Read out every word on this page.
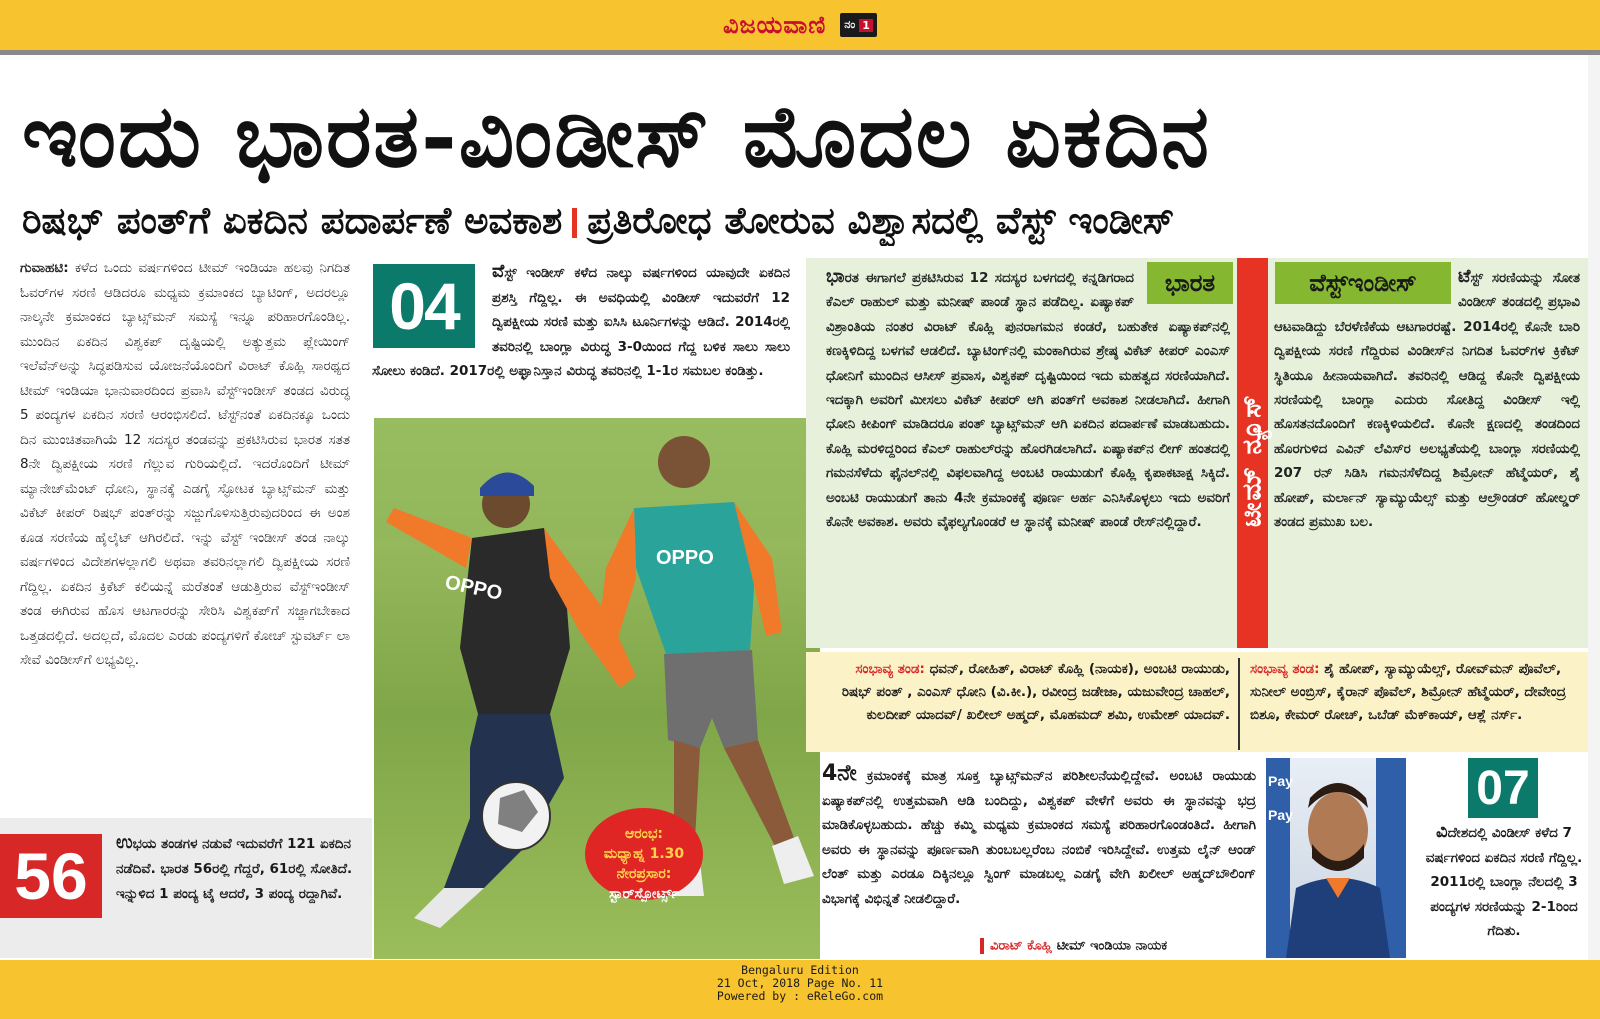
ವಿಜಯವಾಣಿ ನಂ 1
ಇಂದು ಭಾರತ-ವಿಂಡೀಸ್ ಮೊದಲ ಏಕದಿನ
ರಿಷಭ್ ಪಂತ್‌ಗೆ ಏಕದಿನ ಪದಾರ್ಪಣೆ ಅವಕಾಶ ಪ್ರತಿರೋಧ ತೋರುವ ವಿಶ್ವಾಸದಲ್ಲಿ ವೆಸ್ಟ್ ಇಂಡೀಸ್
ಗುವಾಹಟಿ: ಕಳೆದ ಒಂದು ವರ್ಷಗಳಿಂದ ಟೀಮ್ ಇಂಡಿಯಾ ಹಲವು ನಿಗದಿತ ಓವರ್‌ಗಳ ಸರಣಿ ಆಡಿದರೂ ಮಧ್ಯಮ ಕ್ರಮಾಂಕದ ಬ್ಯಾಟಿಂಗ್, ಅದರಲ್ಲೂ ನಾಲ್ಕನೇ ಕ್ರಮಾಂಕದ ಬ್ಯಾಟ್ಸ್‌ಮನ್ ಸಮಸ್ಯೆ ಇನ್ನೂ ಪರಿಹಾರಗೊಂಡಿಲ್ಲ. ಮುಂದಿನ ಏಕದಿನ ವಿಶ್ವಕಪ್ ದೃಷ್ಟಿಯಲ್ಲಿ ಅತ್ಯುತ್ತಮ ಪ್ಲೇಯಿಂಗ್ ಇಲೆವೆನ್‌ಅನ್ನು ಸಿದ್ಧಪಡಿಸುವ ಯೋಜನೆಯೊಂದಿಗೆ ವಿರಾಟ್ ಕೊಹ್ಲಿ ಸಾರಥ್ಯದ ಟೀಮ್ ಇಂಡಿಯಾ ಭಾನುವಾರದಿಂದ ಪ್ರವಾಸಿ ವೆಸ್ಟ್‌ಇಂಡೀಸ್ ತಂಡದ ವಿರುದ್ಧ 5 ಪಂದ್ಯಗಳ ಏಕದಿನ ಸರಣಿ ಆರಂಭಿಸಲಿದೆ. ಟೆಸ್ಟ್‌ನಂತೆ ಏಕದಿನಕ್ಕೂ ಒಂದು ದಿನ ಮುಂಚಿತವಾಗಿಯೆ 12 ಸದಸ್ಯರ ತಂಡವನ್ನು ಪ್ರಕಟಿಸಿರುವ ಭಾರತ ಸತತ 8ನೇ ದ್ವಿಪಕ್ಷೀಯ ಸರಣಿ ಗೆಲ್ಲುವ ಗುರಿಯಲ್ಲಿದೆ. ಇದರೊಂದಿಗೆ ಟೀಮ್ ಮ್ಯಾನೇಜ್‌ಮೆಂಟ್ ಧೋನಿ, ಸ್ಥಾನಕ್ಕೆ ಎಡಗೈ ಸ್ಫೋಟಕ ಬ್ಯಾಟ್ಸ್‌ಮನ್ ಮತ್ತು ವಿಕೆಟ್ ಕೀಪರ್ ರಿಷಭ್ ಪಂತ್‌ರನ್ನು ಸಜ್ಜುಗೊಳಿಸುತ್ತಿರುವುದರಿಂದ ಈ ಅಂಶ ಕೂಡ ಸರಣಿಯ ಹೈಲೈಟ್ ಆಗಿರಲಿದೆ. ಇನ್ನು ವೆಸ್ಟ್ ಇಂಡೀಸ್ ತಂಡ ನಾಲ್ಕು ವರ್ಷಗಳಿಂದ ವಿದೇಶಗಳಲ್ಲಾಗಲಿ ಅಥವಾ ತವರಿನಲ್ಲಾಗಲಿ ದ್ವಿಪಕ್ಷೀಯ ಸರಣಿ ಗೆದ್ದಿಲ್ಲ. ಏಕದಿನ ಕ್ರಿಕೆಟ್ ಕಲಿಯನ್ನೆ ಮರೆತಂತೆ ಆಡುತ್ತಿರುವ ವೆಸ್ಟ್‌ಇಂಡೀಸ್ ತಂಡ ಈಗಿರುವ ಹೊಸ ಆಟಗಾರರನ್ನು ಸೇರಿಸಿ ವಿಶ್ವಕಪ್‌ಗೆ ಸಜ್ಜಾಗಬೇಕಾದ ಒತ್ತಡದಲ್ಲಿದೆ. ಅದಲ್ಲದೆ, ಮೊದಲ ಎರಡು ಪಂದ್ಯಗಳಿಗೆ ಕೋಚ್ ಸ್ಟುವರ್ಟ್ ಲಾ ಸೇವೆ ವಿಂಡೀಸ್‌ಗೆ ಲಭ್ಯವಿಲ್ಲ.
ವೆಸ್ಟ್ ಇಂಡೀಸ್ ಕಳೆದ ನಾಲ್ಕು ವರ್ಷಗಳಿಂದ ಯಾವುದೇ ಏಕದಿನ ಪ್ರಶಸ್ತಿ ಗೆದ್ದಿಲ್ಲ. ಈ ಅವಧಿಯಲ್ಲಿ ವಿಂಡೀಸ್ ಇದುವರೆಗೆ 12 ದ್ವಿಪಕ್ಷೀಯ ಸರಣಿ ಮತ್ತು ಐಸಿಸಿ ಟೂರ್ನಿಗಳನ್ನು ಆಡಿದೆ. 2014ರಲ್ಲಿ ತವರಿನಲ್ಲಿ ಬಾಂಗ್ಲಾ ವಿರುದ್ಧ 3-0ಯಿಂದ ಗೆದ್ದ ಬಳಿಕ ಸಾಲು ಸಾಲು ಸೋಲು ಕಂಡಿದೆ. 2017ರಲ್ಲಿ ಅಫ್ಘಾನಿಸ್ತಾನ ವಿರುದ್ಧ ತವರಿನಲ್ಲಿ 1-1ರ ಸಮಬಲ ಕಂಡಿತ್ತು.
04
OPPO
OPPO
ಆರಂಭ:
ಮಧ್ಯಾಹ್ನ 1.30
ನೇರಪ್ರಸಾರ:
ಸ್ಟಾರ್‌ಸ್ಪೋರ್ಟ್ಸ್
ಉಭಯ ತಂಡಗಳ ನಡುವೆ ಇದುವರೆಗೆ 121 ಏಕದಿನ ನಡೆದಿವೆ. ಭಾರತ 56ರಲ್ಲಿ ಗೆದ್ದರೆ, 61ರಲ್ಲಿ ಸೋತಿದೆ. ಇನ್ನುಳಿದ 1 ಪಂದ್ಯ ಟೈ ಆದರೆ, 3 ಪಂದ್ಯ ರದ್ದಾಗಿವೆ.
56
ಟೀಮ್ ನ್ಯೂಸ್
ಭಾರತ	ವೆಸ್ಟ್‌ಇಂಡೀಸ್
ಭಾರತ ಈಗಾಗಲೆ ಪ್ರಕಟಿಸಿರುವ 12 ಸದಸ್ಯರ ಬಳಗದಲ್ಲಿ ಕನ್ನಡಿಗರಾದ ಕೆಎಲ್ ರಾಹುಲ್ ಮತ್ತು ಮನೀಷ್ ಪಾಂಡೆ ಸ್ಥಾನ ಪಡೆದಿಲ್ಲ. ಏಷ್ಯಾಕಪ್ ವಿಶ್ರಾಂತಿಯ ನಂತರ ವಿರಾಟ್ ಕೊಹ್ಲಿ ಪುನರಾಗಮನ ಕಂಡರೆ, ಬಹುತೇಕ ಏಷ್ಯಾಕಪ್‌ನಲ್ಲಿ ಕಣಕ್ಕಿಳಿದಿದ್ದ ಬಳಗವೆ ಆಡಲಿದೆ. ಬ್ಯಾಟಿಂಗ್‌ನಲ್ಲಿ ಮಂಕಾಗಿರುವ ಶ್ರೇಷ್ಠ ವಿಕೆಟ್ ಕೀಪರ್ ಎಂಎಸ್ ಧೋನಿಗೆ ಮುಂದಿನ ಆಸೀಸ್ ಪ್ರವಾಸ, ವಿಶ್ವಕಪ್ ದೃಷ್ಟಿಯಿಂದ ಇದು ಮಹತ್ವದ ಸರಣಿಯಾಗಿದೆ. ಇದಕ್ಕಾಗಿ ಅವರಿಗೆ ಮೀಸಲು ವಿಕೆಟ್ ಕೀಪರ್ ಆಗಿ ಪಂತ್‌ಗೆ ಅವಕಾಶ ನೀಡಲಾಗಿದೆ. ಹೀಗಾಗಿ ಧೋನಿ ಕೀಪಿಂಗ್ ಮಾಡಿದರೂ ಪಂತ್ ಬ್ಯಾಟ್ಸ್‌ಮನ್ ಆಗಿ ಏಕದಿನ ಪದಾರ್ಪಣೆ ಮಾಡಬಹುದು. ಕೊಹ್ಲಿ ಮರಳಿದ್ದರಿಂದ ಕೆಎಲ್ ರಾಹುಲ್‌ರನ್ನು ಹೊರಗಿಡಲಾಗಿದೆ. ಏಷ್ಯಾಕಪ್‌ನ ಲೀಗ್ ಹಂತದಲ್ಲಿ ಗಮನಸೆಳೆದು ಫೈನಲ್‌ನಲ್ಲಿ ವಿಫಲವಾಗಿದ್ದ ಅಂಬಟಿ ರಾಯುಡುಗೆ ಕೊಹ್ಲಿ ಕೃಪಾಕಟಾಕ್ಷ ಸಿಕ್ಕಿದೆ. ಅಂಬಟಿ ರಾಯುಡುಗೆ ತಾನು 4ನೇ ಕ್ರಮಾಂಕಕ್ಕೆ ಪೂರ್ಣ ಅರ್ಹ ಎನಿಸಿಕೊಳ್ಳಲು ಇದು ಅವರಿಗೆ ಕೊನೇ ಅವಕಾಶ. ಅವರು ವೈಫಲ್ಯಗೊಂಡರೆ ಆ ಸ್ಥಾನಕ್ಕೆ ಮನೀಷ್ ಪಾಂಡೆ ರೇಸ್‌ನಲ್ಲಿದ್ದಾರೆ.
ಟೆಸ್ಟ್ ಸರಣಿಯನ್ನು ಸೋತ ವಿಂಡೀಸ್ ತಂಡದಲ್ಲಿ ಪ್ರಭಾವಿ ಆಟವಾಡಿದ್ದು ಬೆರಳೆಣಿಕೆಯ ಆಟಗಾರರಷ್ಟೆ. 2014ರಲ್ಲಿ ಕೊನೇ ಬಾರಿ ದ್ವಿಪಕ್ಷೀಯ ಸರಣಿ ಗೆದ್ದಿರುವ ವಿಂಡೀಸ್‌ನ ನಿಗದಿತ ಓವರ್‌ಗಳ ಕ್ರಿಕೆಟ್ ಸ್ಥಿತಿಯೂ ಹೀನಾಯವಾಗಿದೆ. ತವರಿನಲ್ಲಿ ಆಡಿದ್ದ ಕೊನೇ ದ್ವಿಪಕ್ಷೀಯ ಸರಣಿಯಲ್ಲಿ ಬಾಂಗ್ಲಾ ಎದುರು ಸೋತಿದ್ದ ವಿಂಡೀಸ್ ಇಲ್ಲಿ ಹೊಸತನದೊಂದಿಗೆ ಕಣಕ್ಕಿಳಿಯಲಿದೆ. ಕೊನೇ ಕ್ಷಣದಲ್ಲಿ ತಂಡದಿಂದ ಹೊರಗುಳಿದ ಎವಿನ್ ಲೆವಿಸ್‌ರ ಅಲಭ್ಯತೆಯಲ್ಲಿ ಬಾಂಗ್ಲಾ ಸರಣಿಯಲ್ಲಿ 207 ರನ್ ಸಿಡಿಸಿ ಗಮನಸೆಳೆದಿದ್ದ ಶಿಮ್ರೋನ್ ಹೆಟ್ಮೆಯರ್, ಶೈ ಹೋಪ್, ಮರ್ಲಾನ್ ಸ್ಯಾಮ್ಯುಯೆಲ್ಸ್ ಮತ್ತು ಆಲ್ರೌಂಡರ್ ಹೋಲ್ಡರ್ ತಂಡದ ಪ್ರಮುಖ ಬಲ.
ಸಂಭಾವ್ಯ ತಂಡ: ಧವನ್, ರೋಹಿತ್, ವಿರಾಟ್ ಕೊಹ್ಲಿ (ನಾಯಕ), ಅಂಬಟಿ ರಾಯುಡು, ರಿಷಭ್ ಪಂತ್ , ಎಂಎಸ್ ಧೋನಿ (ವಿ.ಕೀ.), ರವೀಂದ್ರ ಜಡೇಜಾ, ಯಜುವೇಂದ್ರ ಚಾಹಲ್, ಕುಲದೀಪ್ ಯಾದವ್/ ಖಲೀಲ್ ಅಹ್ಮದ್, ಮೊಹಮದ್ ಶಮಿ, ಉಮೇಶ್ ಯಾದವ್.
ಸಂಭಾವ್ಯ ತಂಡ: ಶೈ ಹೋಪ್, ಸ್ಯಾಮ್ಯುಯೆಲ್ಸ್, ರೋವ್‌ಮನ್ ಪೊವೆಲ್, ಸುನೀಲ್ ಅಂಬ್ರಿಸ್, ಕೈರಾನ್ ಪೊವೆಲ್, ಶಿಮ್ರೋನ್ ಹೆಟ್ಮೆಯರ್, ದೇವೇಂದ್ರ ಬಿಶೂ, ಕೇಮರ್ ರೋಚ್, ಒಬೆಡ್ ಮೆಕ್‌ಕಾಯ್, ಆಶ್ಲೆ ನರ್ಸ್.
4ನೇ ಕ್ರಮಾಂಕಕ್ಕೆ ಮಾತ್ರ ಸೂಕ್ತ ಬ್ಯಾಟ್ಸ್‌ಮನ್‌ನ ಪರಿಶೀಲನೆಯಲ್ಲಿದ್ದೇವೆ. ಅಂಬಟಿ ರಾಯುಡು ಏಷ್ಯಾಕಪ್‌ನಲ್ಲಿ ಉತ್ತಮವಾಗಿ ಆಡಿ ಬಂದಿದ್ದು, ವಿಶ್ವಕಪ್ ವೇಳೆಗೆ ಅವರು ಈ ಸ್ಥಾನವನ್ನು ಭದ್ರ ಮಾಡಿಕೊಳ್ಳಬಹುದು. ಹೆಚ್ಚು ಕಮ್ಮಿ ಮಧ್ಯಮ ಕ್ರಮಾಂಕದ ಸಮಸ್ಯೆ ಪರಿಹಾರಗೊಂಡಂತಿದೆ. ಹೀಗಾಗಿ ಅವರು ಈ ಸ್ಥಾನವನ್ನು ಪೂರ್ಣವಾಗಿ ತುಂಬಬಲ್ಲರೆಂಬ ನಂಬಿಕೆ ಇರಿಸಿದ್ದೇವೆ. ಉತ್ತಮ ಲೈನ್ ಆಂಡ್ ಲೆಂತ್ ಮತ್ತು ಎರಡೂ ದಿಕ್ಕಿನಲ್ಲೂ ಸ್ವಿಂಗ್ ಮಾಡಬಲ್ಲ ಎಡಗೈ ವೇಗಿ ಖಲೀಲ್ ಅಹ್ಮದ್‌ಬೌಲಿಂಗ್ ವಿಭಾಗಕ್ಕೆ ವಿಭಿನ್ನತೆ ನೀಡಲಿದ್ದಾರೆ.
ವಿರಾಟ್ ಕೊಹ್ಲಿ ಟೀಮ್ ಇಂಡಿಯಾ ನಾಯಕ
Pay
Pay
07
ವಿದೇಶದಲ್ಲಿ ವಿಂಡೀಸ್ ಕಳೆದ 7 ವರ್ಷಗಳಿಂದ ಏಕದಿನ ಸರಣಿ ಗೆದ್ದಿಲ್ಲ. 2011ರಲ್ಲಿ ಬಾಂಗ್ಲಾ ನೆಲದಲ್ಲಿ 3 ಪಂದ್ಯಗಳ ಸರಣಿಯನ್ನು 2-1ರಿಂದ ಗೆದಿತು.
Bengaluru Edition
21 Oct, 2018 Page No. 11
Powered by : eReleGo.com
